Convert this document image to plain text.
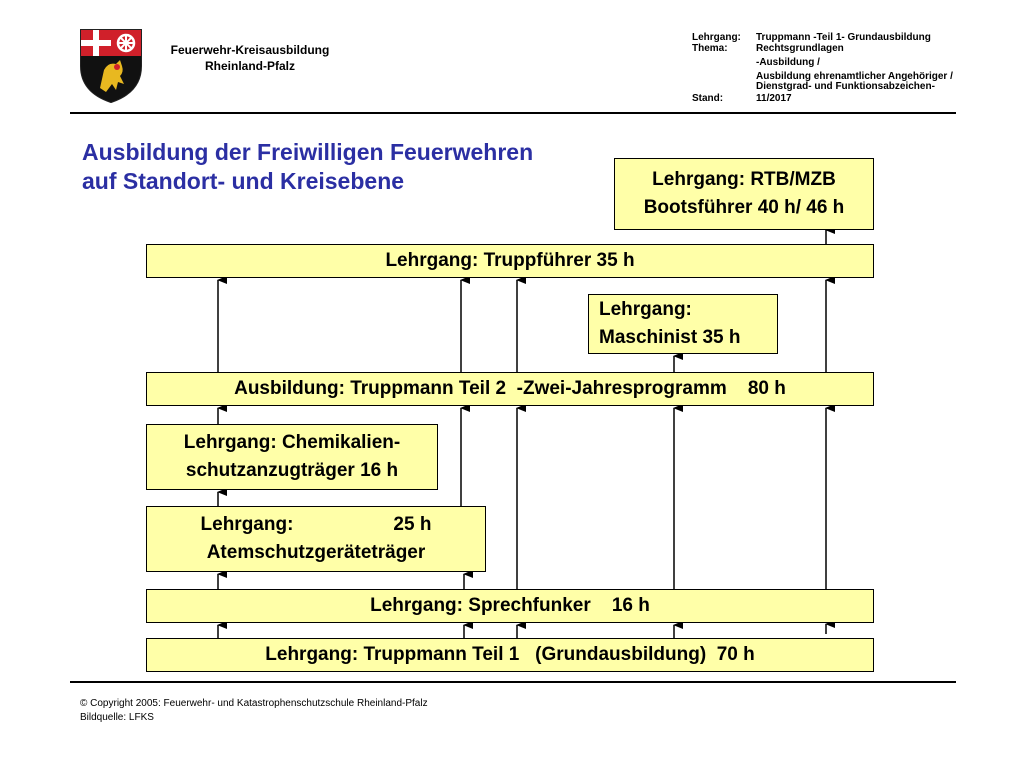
Feuerwehr-Kreisausbildung
Rheinland-Pfalz
Lehrgang:	Truppmann -Teil 1- Grundausbildung
Thema:	Rechtsgrundlagen
-Ausbildung /
Ausbildung ehrenamtlicher Angehöriger /
Dienstgrad- und Funktionsabzeichen-
Stand:	11/2017
Ausbildung der Freiwilligen Feuerwehren
auf Standort- und Kreisebene	Lehrgang: RTB/MZB
Bootsführer 40 h/ 46 h
Lehrgang: Truppführer 35 h
Lehrgang:
Maschinist 35 h
Ausbildung: Truppmann Teil 2  -Zwei-Jahresprogramm    80 h
Lehrgang: Chemikalien-
schutzanzugträger 16 h
Lehrgang:	25 h
Atemschutzgeräteträger
Lehrgang: Sprechfunker    16 h
Lehrgang: Truppmann Teil 1   (Grundausbildung)  70 h
© Copyright 2005: Feuerwehr- und Katastrophenschutzschule Rheinland-Pfalz
Bildquelle: LFKS
